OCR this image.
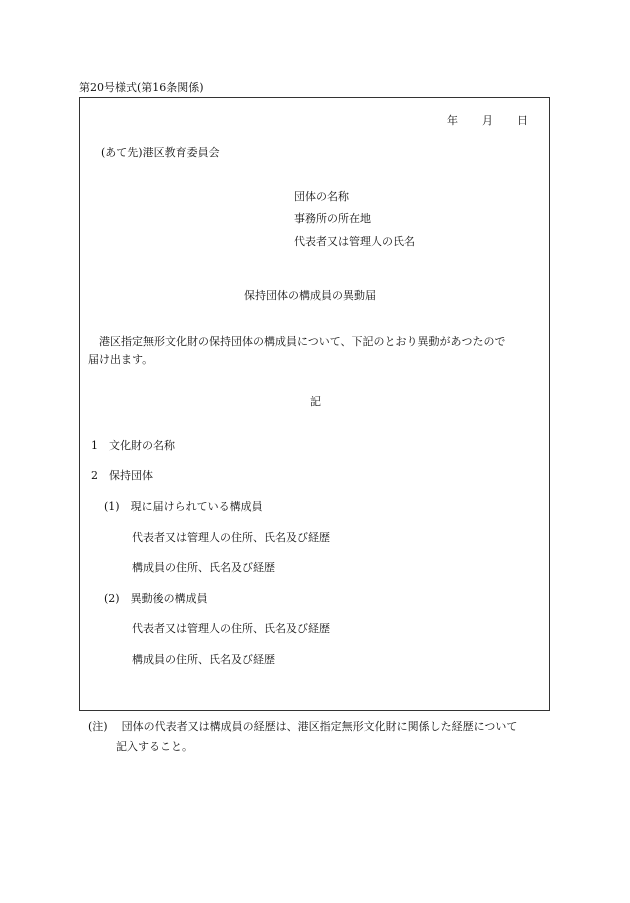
第20号様式(第16条関係)
年 月 日
(あて先)港区教育委員会
団体の名称
事務所の所在地
代表者又は管理人の氏名
保持団体の構成員の異動届
港区指定無形文化財の保持団体の構成員について、下記のとおり異動があつたので
届け出ます。
記
1　文化財の名称
2　保持団体
(1)　現に届けられている構成員
代表者又は管理人の住所、氏名及び経歴
構成員の住所、氏名及び経歴
(2)　異動後の構成員
代表者又は管理人の住所、氏名及び経歴
構成員の住所、氏名及び経歴
(注) 団体の代表者又は構成員の経歴は、港区指定無形文化財に関係した経歴について
記入すること。
